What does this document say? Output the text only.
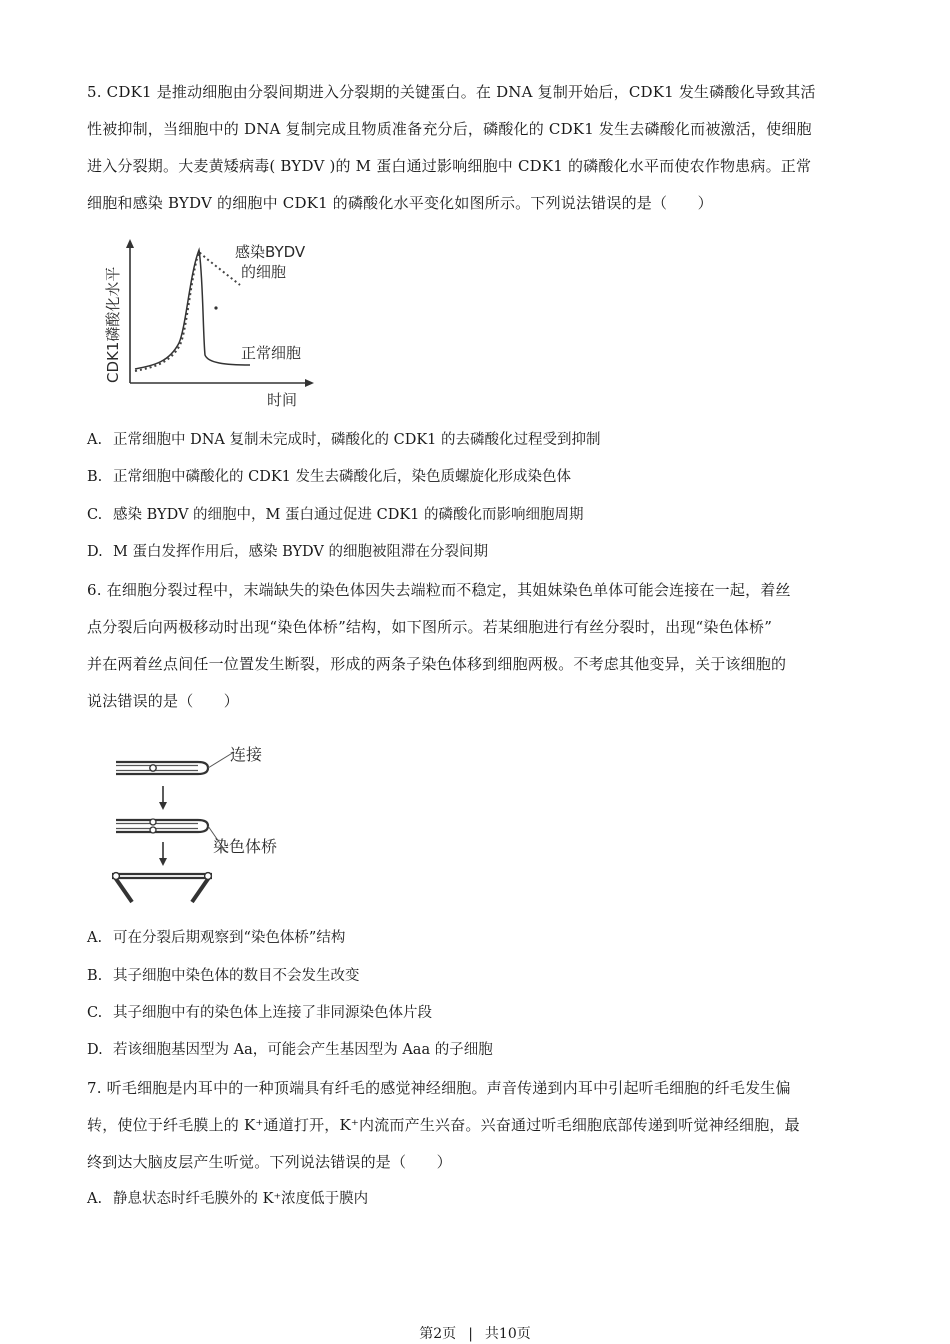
5. CDK1 是推动细胞由分裂间期进入分裂期的关键蛋白。在 DNA 复制开始后，CDK1 发生磷酸化导致其活
性被抑制，当细胞中的 DNA 复制完成且物质准备充分后，磷酸化的 CDK1 发生去磷酸化而被激活，使细胞
进入分裂期。大麦黄矮病毒( BYDV )的 M 蛋白通过影响细胞中 CDK1 的磷酸化水平而使农作物患病。正常
细胞和感染 BYDV 的细胞中 CDK1 的磷酸化水平变化如图所示。下列说法错误的是（　　）
感染BYDV
的细胞
正常细胞
时间
CDK1磷酸化水平
A. 正常细胞中 DNA 复制未完成时，磷酸化的 CDK1 的去磷酸化过程受到抑制
B. 正常细胞中磷酸化的 CDK1 发生去磷酸化后，染色质螺旋化形成染色体
C. 感染 BYDV 的细胞中，M 蛋白通过促进 CDK1 的磷酸化而影响细胞周期
D. M 蛋白发挥作用后，感染 BYDV 的细胞被阻滞在分裂间期
6. 在细胞分裂过程中，末端缺失的染色体因失去端粒而不稳定，其姐妹染色单体可能会连接在一起，着丝
点分裂后向两极移动时出现“染色体桥”结构，如下图所示。若某细胞进行有丝分裂时，出现“染色体桥”
并在两着丝点间任一位置发生断裂，形成的两条子染色体移到细胞两极。不考虑其他变异，关于该细胞的
说法错误的是（　　）
连接
染色体桥
A. 可在分裂后期观察到“染色体桥”结构
B. 其子细胞中染色体的数目不会发生改变
C. 其子细胞中有的染色体上连接了非同源染色体片段
D. 若该细胞基因型为 Aa，可能会产生基因型为 Aaa 的子细胞
7. 听毛细胞是内耳中的一种顶端具有纤毛的感觉神经细胞。声音传递到内耳中引起听毛细胞的纤毛发生偏
转，使位于纤毛膜上的 K⁺通道打开，K⁺内流而产生兴奋。兴奋通过听毛细胞底部传递到听觉神经细胞，最
终到达大脑皮层产生听觉。下列说法错误的是（　　）
A. 静息状态时纤毛膜外的 K⁺浓度低于膜内
第2页 | 共10页
